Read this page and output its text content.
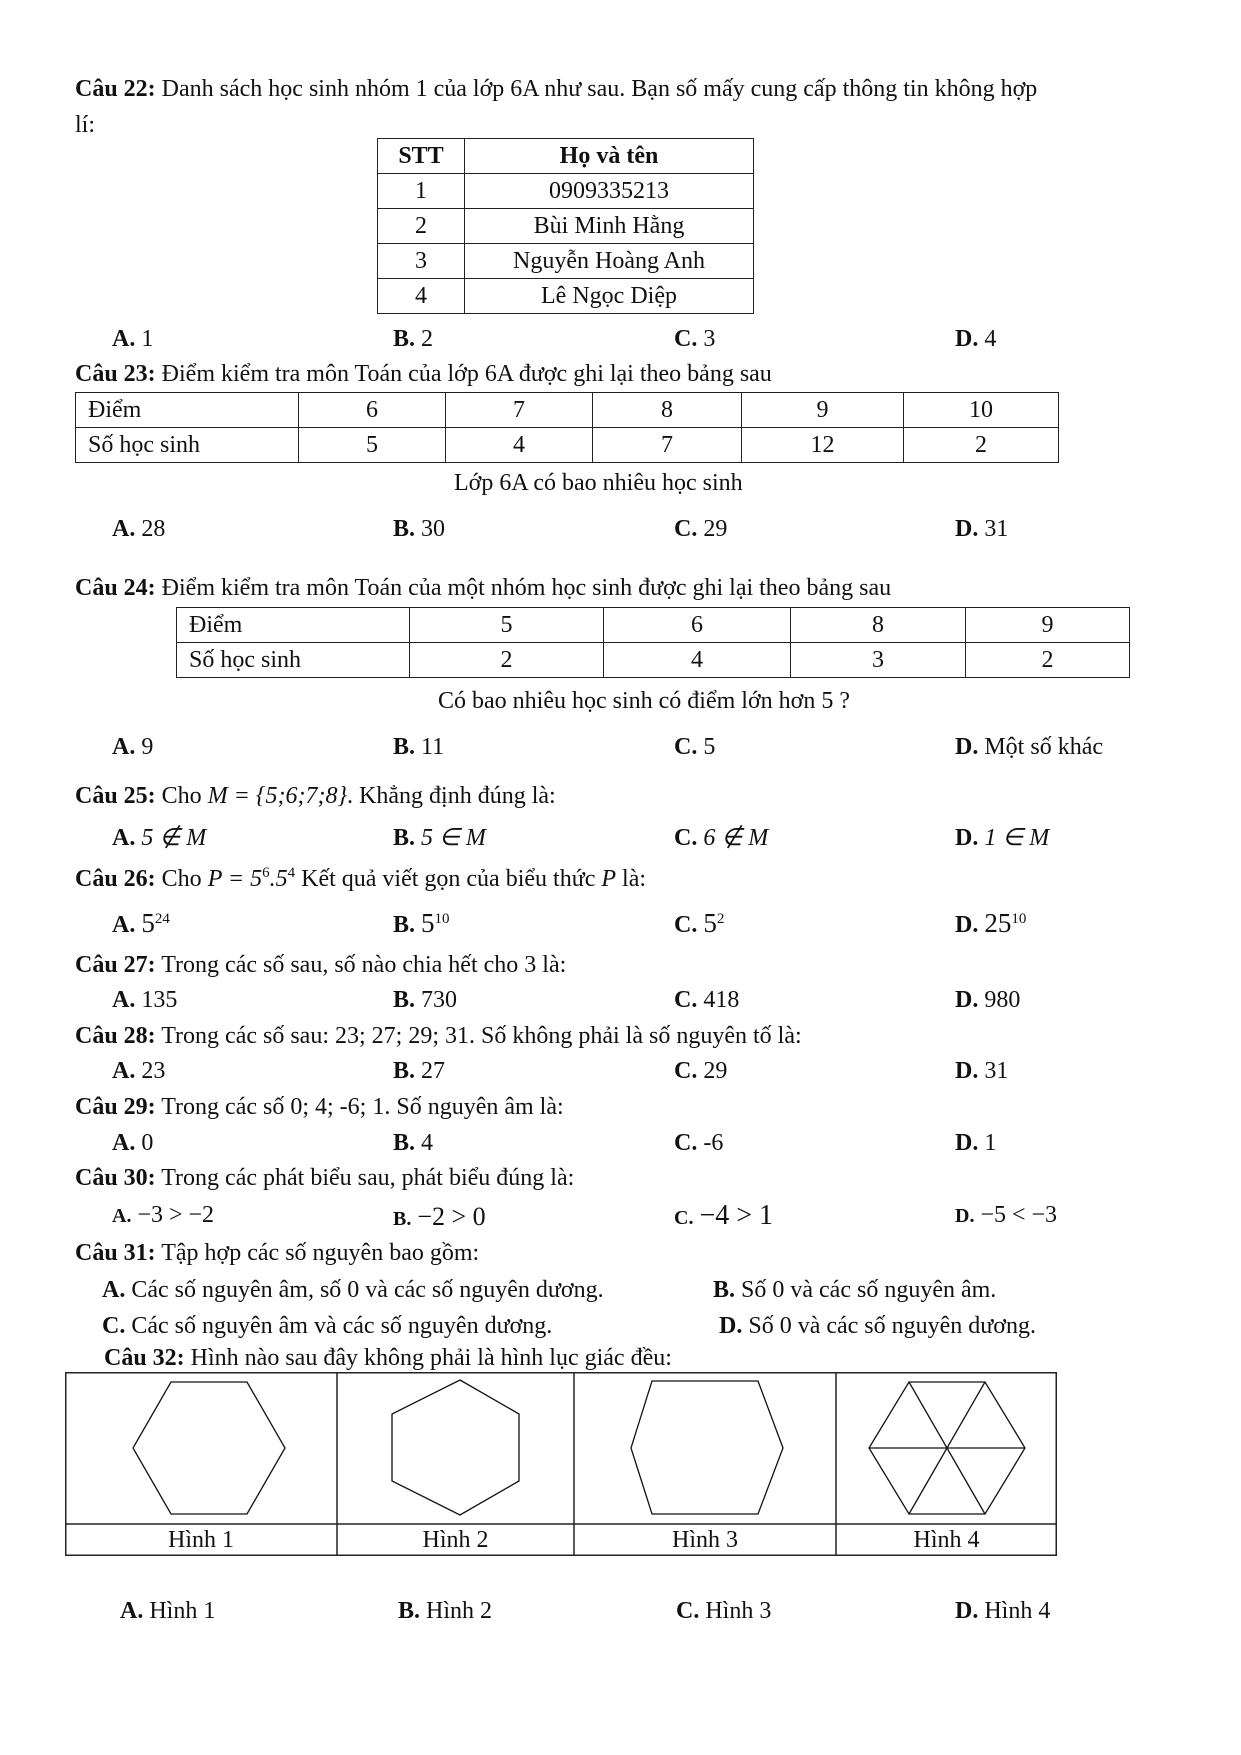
Câu 22: Danh sách học sinh nhóm 1 của lớp 6A như sau. Bạn số mấy cung cấp thông tin không hợp
lí:
STT	Họ và tên
1	0909335213
2	Bùi Minh Hằng
3	Nguyễn Hoàng Anh
4	Lê Ngọc Diệp
A. 1	B. 2	C. 3	D. 4
Câu 23: Điểm kiểm tra môn Toán của lớp 6A được ghi lại theo bảng sau
Điểm	6	7	8	9	10
Số học sinh	5	4	7	12	2
Lớp 6A có bao nhiêu học sinh
A. 28	B. 30	C. 29	D. 31
Câu 24: Điểm kiểm tra môn Toán của một nhóm học sinh được ghi lại theo bảng sau
Điểm	5	6	8	9
Số học sinh	2	4	3	2
Có bao nhiêu học sinh có điểm lớn hơn 5 ?
A. 9	B. 11	C. 5	D. Một số khác
Câu 25: Cho M = {5;6;7;8}. Khẳng định đúng là:
A. 5 ∉ M	B. 5 ∈ M	C. 6 ∉ M	D. 1 ∈ M
Câu 26: Cho $P = 5^6.5^4$ Kết quả viết gọn của biểu thức P là:
A. $5^{24}$	B. $5^{10}$	C. $5^2$	D. $25^{10}$
Câu 27: Trong các số sau, số nào chia hết cho 3 là:
A. 135	B. 730	C. 418	D. 980
Câu 28: Trong các số sau: 23; 27; 29; 31. Số không phải là số nguyên tố là:
A. 23	B. 27	C. 29	D. 31
Câu 29: Trong các số 0; 4; -6; 1. Số nguyên âm là:
A. 0	B. 4	C. -6	D. 1
Câu 30: Trong các phát biểu sau, phát biểu đúng là:
A. −3 > −2	B. −2 > 0	C. −4 > 1	D. −5 < −3
Câu 31: Tập hợp các số nguyên bao gồm:
A. Các số nguyên âm, số 0 và các số nguyên dương.	B. Số 0 và các số nguyên âm.
C. Các số nguyên âm và các số nguyên dương.	D. Số 0 và các số nguyên dương.
Câu 32: Hình nào sau đây không phải là hình lục giác đều:
Hình 1	Hình 2	Hình 3	Hình 4
A. Hình 1	B. Hình 2	C. Hình 3	D. Hình 4
